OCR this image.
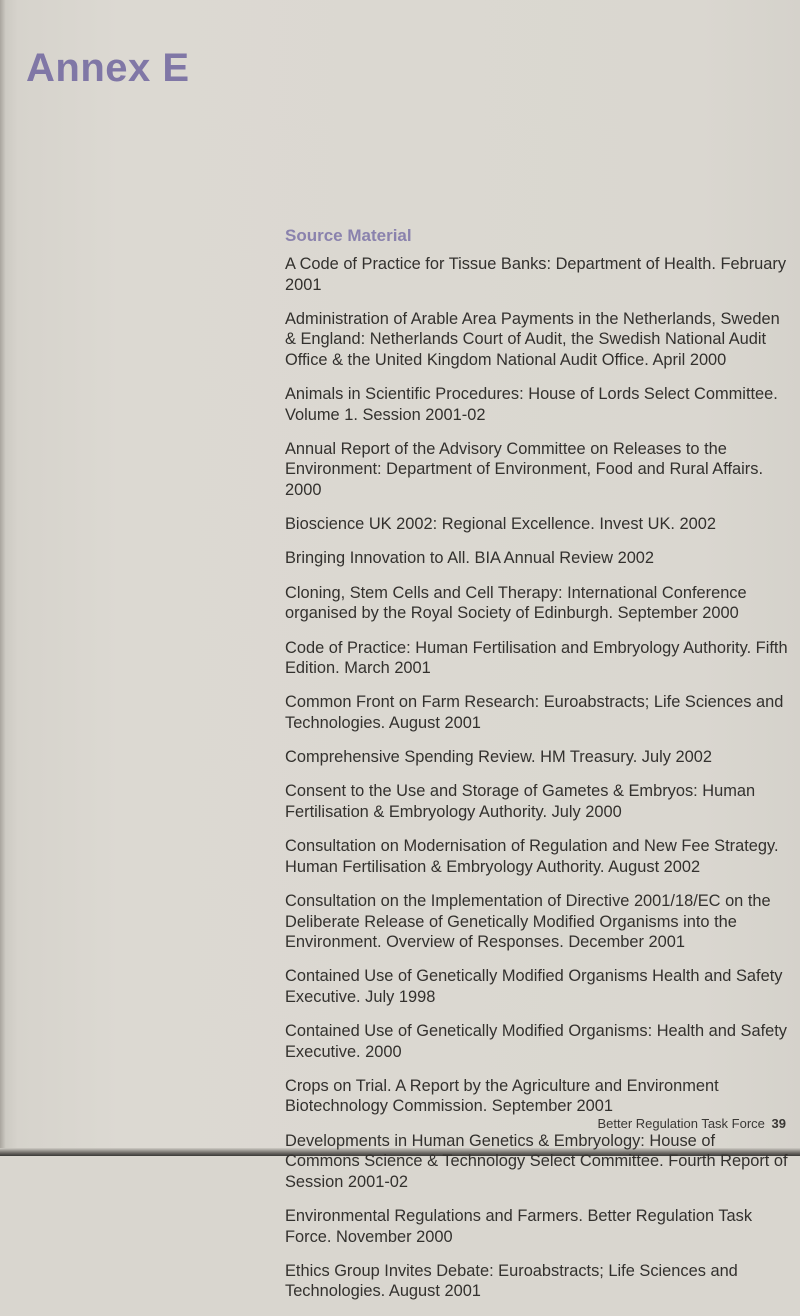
Annex E
Source Material
A Code of Practice for Tissue Banks: Department of Health. February 2001
Administration of Arable Area Payments in the Netherlands, Sweden & England: Netherlands Court of Audit, the Swedish National Audit Office & the United Kingdom National Audit Office. April 2000
Animals in Scientific Procedures: House of Lords Select Committee. Volume 1. Session 2001-02
Annual Report of the Advisory Committee on Releases to the Environment: Department of Environment, Food and Rural Affairs. 2000
Bioscience UK 2002: Regional Excellence. Invest UK. 2002
Bringing Innovation to All. BIA Annual Review 2002
Cloning, Stem Cells and Cell Therapy: International Conference organised by the Royal Society of Edinburgh. September 2000
Code of Practice: Human Fertilisation and Embryology Authority. Fifth Edition. March 2001
Common Front on Farm Research: Euroabstracts; Life Sciences and Technologies. August 2001
Comprehensive Spending Review. HM Treasury. July 2002
Consent to the Use and Storage of Gametes & Embryos: Human Fertilisation & Embryology Authority. July 2000
Consultation on Modernisation of Regulation and New Fee Strategy. Human Fertilisation & Embryology Authority. August 2002
Consultation on the Implementation of Directive 2001/18/EC on the Deliberate Release of Genetically Modified Organisms into the Environment. Overview of Responses. December 2001
Contained Use of Genetically Modified Organisms Health and Safety Executive. July 1998
Contained Use of Genetically Modified Organisms: Health and Safety Executive. 2000
Crops on Trial. A Report by the Agriculture and Environment Biotechnology Commission. September 2001
Developments in Human Genetics & Embryology: House of Commons Science & Technology Select Committee. Fourth Report of Session 2001-02
Environmental Regulations and Farmers. Better Regulation Task Force. November 2000
Ethics Group Invites Debate: Euroabstracts; Life Sciences and Technologies. August 2001
Better Regulation Task Force 39
